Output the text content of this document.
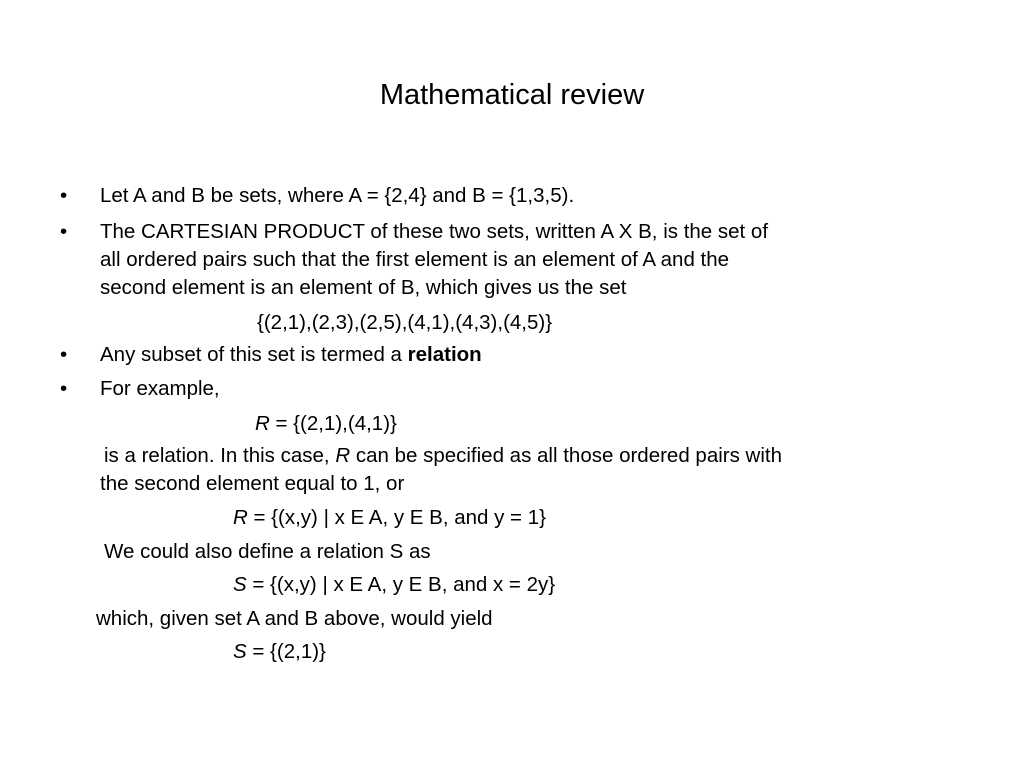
Mathematical review
• Let A and B be sets, where A = {2,4} and B = {1,3,5).
• The CARTESIAN PRODUCT of these two sets, written A X B, is the set of
all ordered pairs such that the first element is an element of A and the
second element is an element of B, which gives us the set
{(2,1),(2,3),(2,5),(4,1),(4,3),(4,5)}
• Any subset of this set is termed a relation
• For example,
R = {(2,1),(4,1)}
is a relation. In this case, R can be specified as all those ordered pairs with
the second element equal to 1, or
R = {(x,y) | x E A, y E B, and y = 1}
We could also define a relation S as
S = {(x,y) | x E A, y E B, and x = 2y}
which, given set A and B above, would yield
S = {(2,1)}
